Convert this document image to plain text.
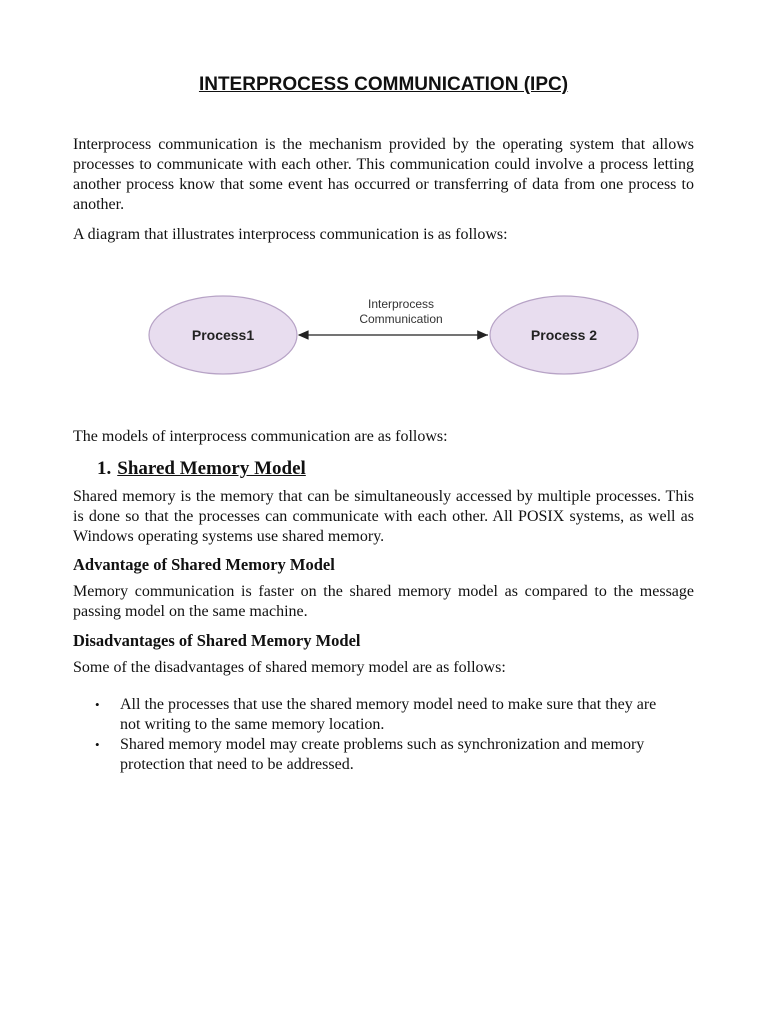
INTERPROCESS COMMUNICATION (IPC)

Interprocess communication is the mechanism provided by the operating system that allows processes to communicate with each other. This communication could involve a process letting another process know that some event has occurred or transferring of data from one process to another.

A diagram that illustrates interprocess communication is as follows:

Process1	Process 2
Interprocess
Communication

The models of interprocess communication are as follows:

1. Shared Memory Model

Shared memory is the memory that can be simultaneously accessed by multiple processes. This is done so that the processes can communicate with each other. All POSIX systems, as well as Windows operating systems use shared memory.

Advantage of Shared Memory Model

Memory communication is faster on the shared memory model as compared to the message passing model on the same machine.

Disadvantages of Shared Memory Model

Some of the disadvantages of shared memory model are as follows:

• All the processes that use the shared memory model need to make sure that they are not writing to the same memory location.
• Shared memory model may create problems such as synchronization and memory protection that need to be addressed.
